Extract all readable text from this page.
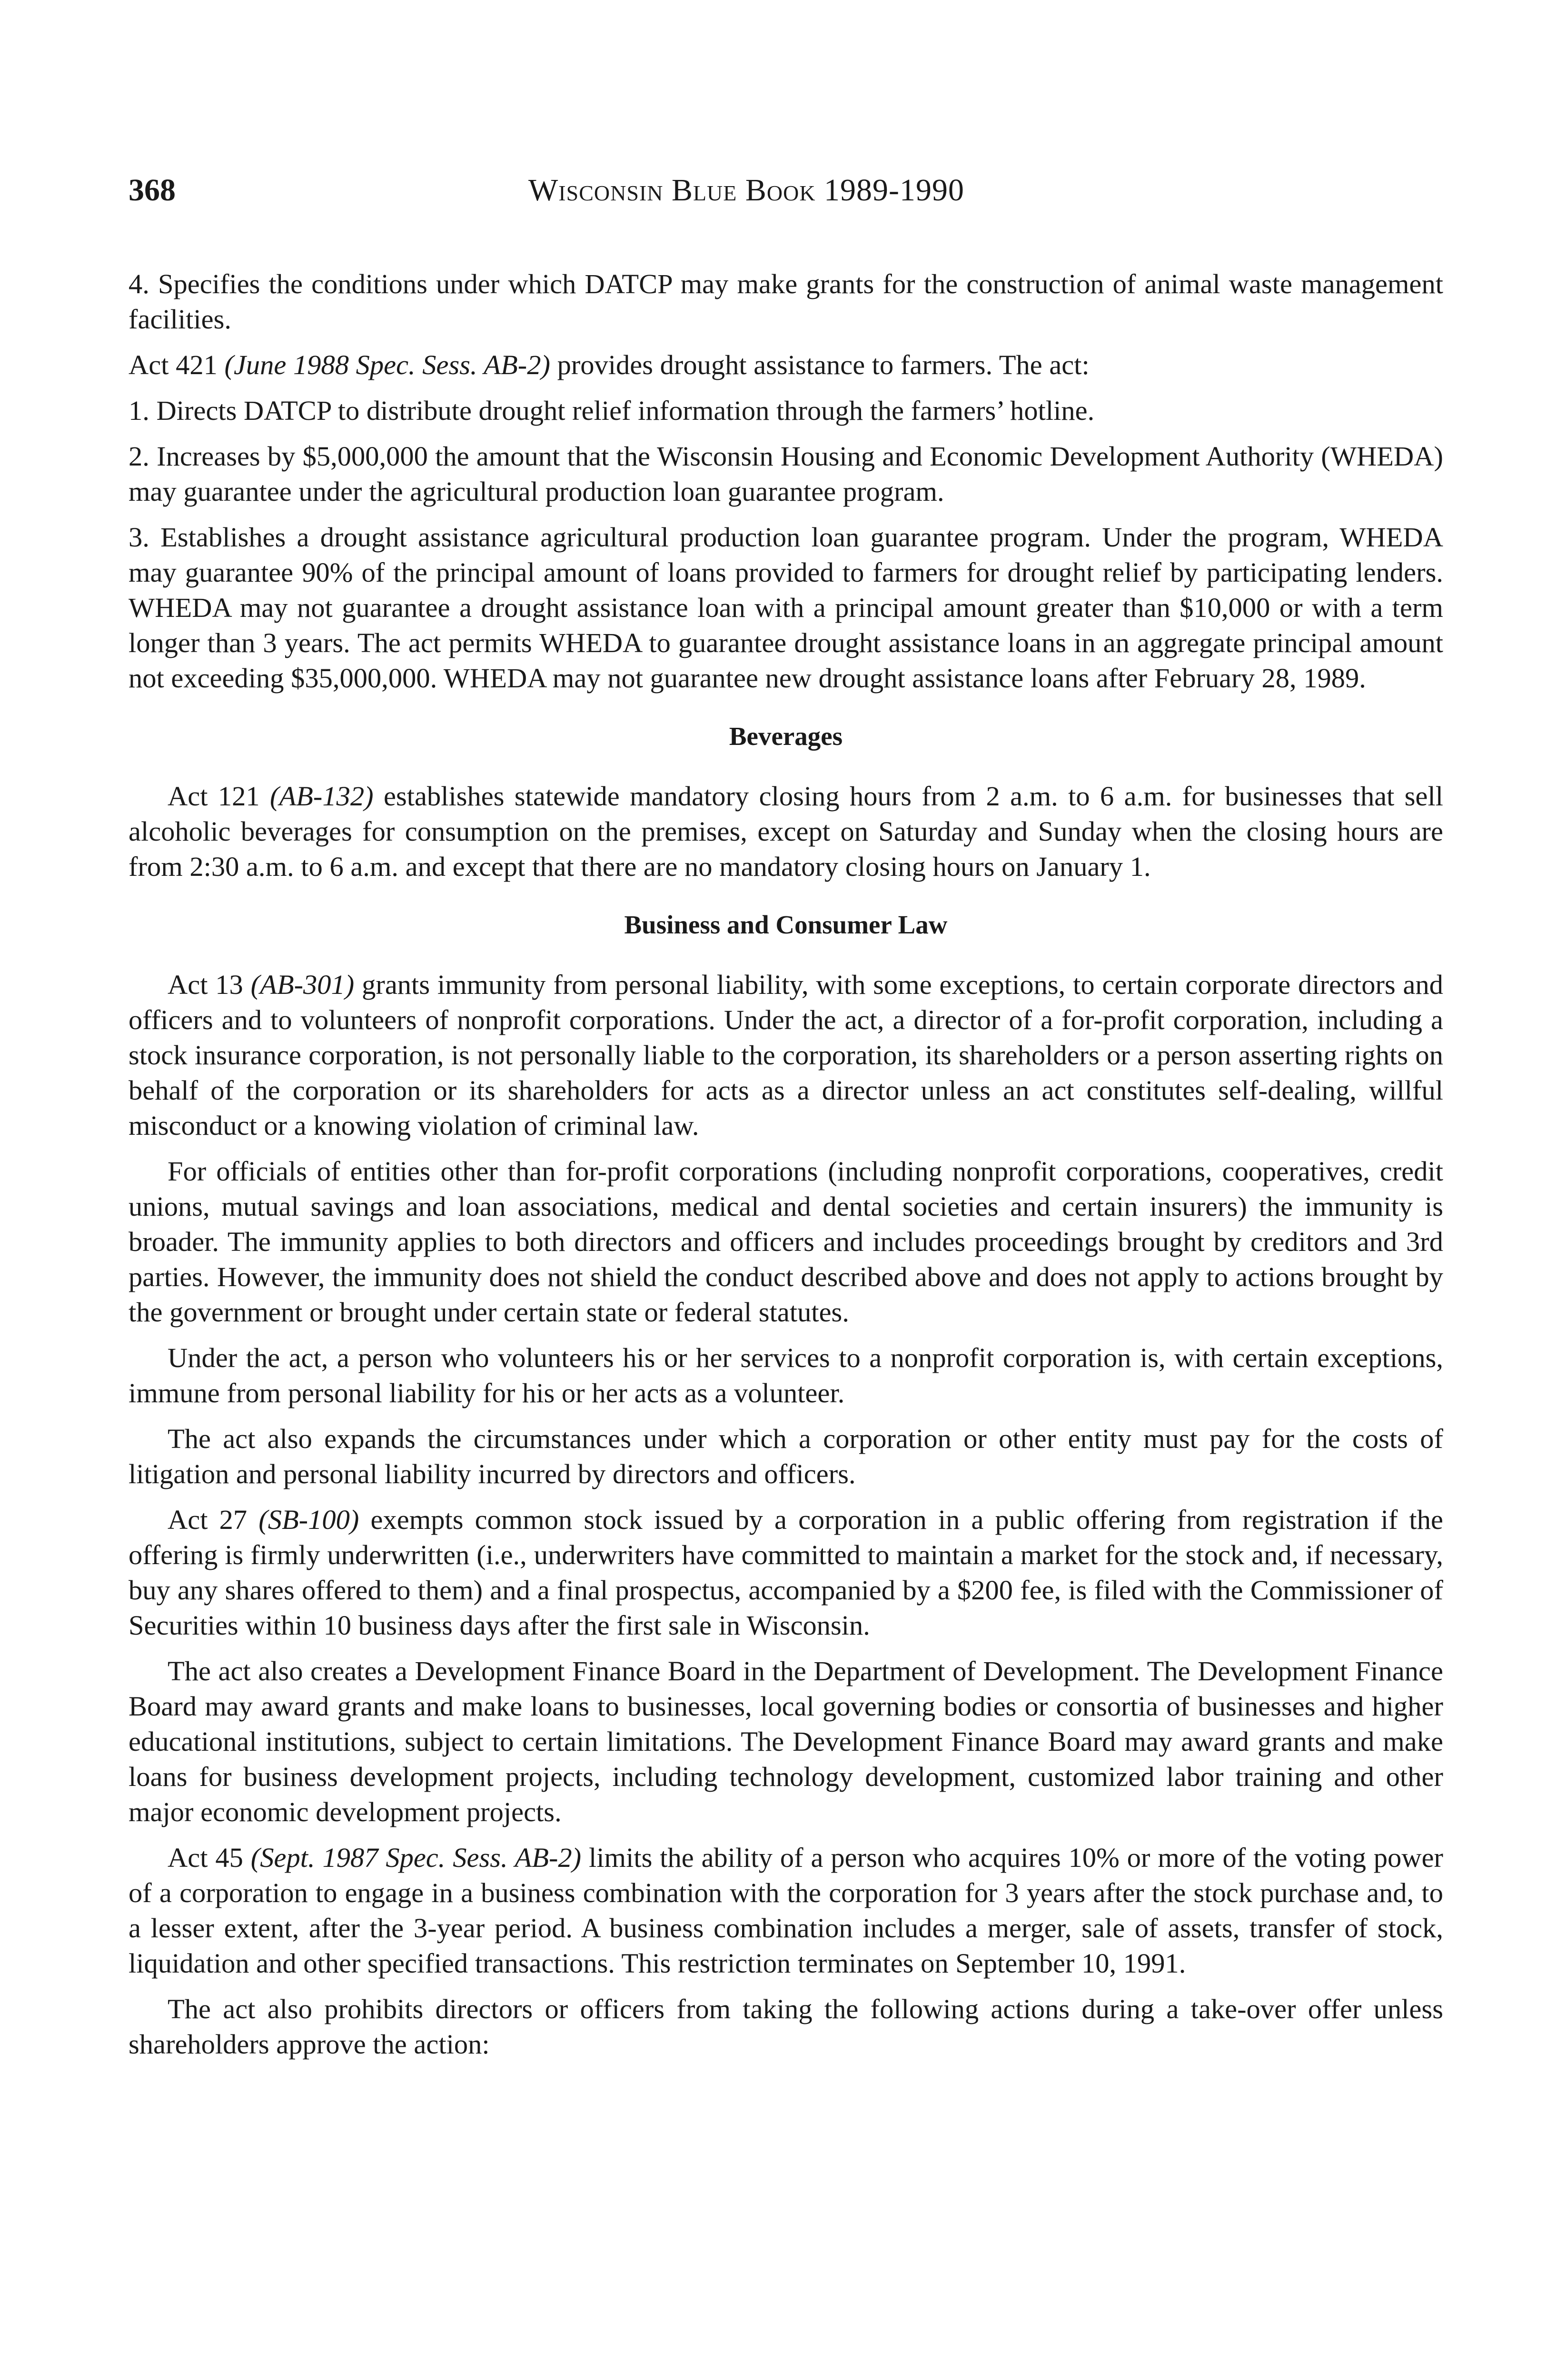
368	Wisconsin Blue Book 1989-1990

4. Specifies the conditions under which DATCP may make grants for the construction of animal waste management facilities.

Act 421 (June 1988 Spec. Sess. AB-2) provides drought assistance to farmers. The act:

1. Directs DATCP to distribute drought relief information through the farmers’ hotline.

2. Increases by $5,000,000 the amount that the Wisconsin Housing and Economic Development Authority (WHEDA) may guarantee under the agricultural production loan guarantee program.

3. Establishes a drought assistance agricultural production loan guarantee program. Under the program, WHEDA may guarantee 90% of the principal amount of loans provided to farmers for drought relief by participating lenders. WHEDA may not guarantee a drought assistance loan with a principal amount greater than $10,000 or with a term longer than 3 years. The act permits WHEDA to guarantee drought assistance loans in an aggregate principal amount not exceeding $35,000,000. WHEDA may not guarantee new drought assistance loans after February 28, 1989.

Beverages

Act 121 (AB-132) establishes statewide mandatory closing hours from 2 a.m. to 6 a.m. for businesses that sell alcoholic beverages for consumption on the premises, except on Saturday and Sunday when the closing hours are from 2:30 a.m. to 6 a.m. and except that there are no mandatory closing hours on January 1.

Business and Consumer Law

Act 13 (AB-301) grants immunity from personal liability, with some exceptions, to certain corporate directors and officers and to volunteers of nonprofit corporations. Under the act, a director of a for-profit corporation, including a stock insurance corporation, is not personally liable to the corporation, its shareholders or a person asserting rights on behalf of the corporation or its shareholders for acts as a director unless an act constitutes self-dealing, willful misconduct or a knowing violation of criminal law.

For officials of entities other than for-profit corporations (including nonprofit corporations, cooperatives, credit unions, mutual savings and loan associations, medical and dental societies and certain insurers) the immunity is broader. The immunity applies to both directors and officers and includes proceedings brought by creditors and 3rd parties. However, the immunity does not shield the conduct described above and does not apply to actions brought by the government or brought under certain state or federal statutes.

Under the act, a person who volunteers his or her services to a nonprofit corporation is, with certain exceptions, immune from personal liability for his or her acts as a volunteer.

The act also expands the circumstances under which a corporation or other entity must pay for the costs of litigation and personal liability incurred by directors and officers.

Act 27 (SB-100) exempts common stock issued by a corporation in a public offering from registration if the offering is firmly underwritten (i.e., underwriters have committed to maintain a market for the stock and, if necessary, buy any shares offered to them) and a final prospectus, accompanied by a $200 fee, is filed with the Commissioner of Securities within 10 business days after the first sale in Wisconsin.

The act also creates a Development Finance Board in the Department of Development. The Development Finance Board may award grants and make loans to businesses, local governing bodies or consortia of businesses and higher educational institutions, subject to certain limitations. The Development Finance Board may award grants and make loans for business development projects, including technology development, customized labor training and other major economic development projects.

Act 45 (Sept. 1987 Spec. Sess. AB-2) limits the ability of a person who acquires 10% or more of the voting power of a corporation to engage in a business combination with the corporation for 3 years after the stock purchase and, to a lesser extent, after the 3-year period. A business combination includes a merger, sale of assets, transfer of stock, liquidation and other specified transactions. This restriction terminates on September 10, 1991.

The act also prohibits directors or officers from taking the following actions during a take-over offer unless shareholders approve the action:
